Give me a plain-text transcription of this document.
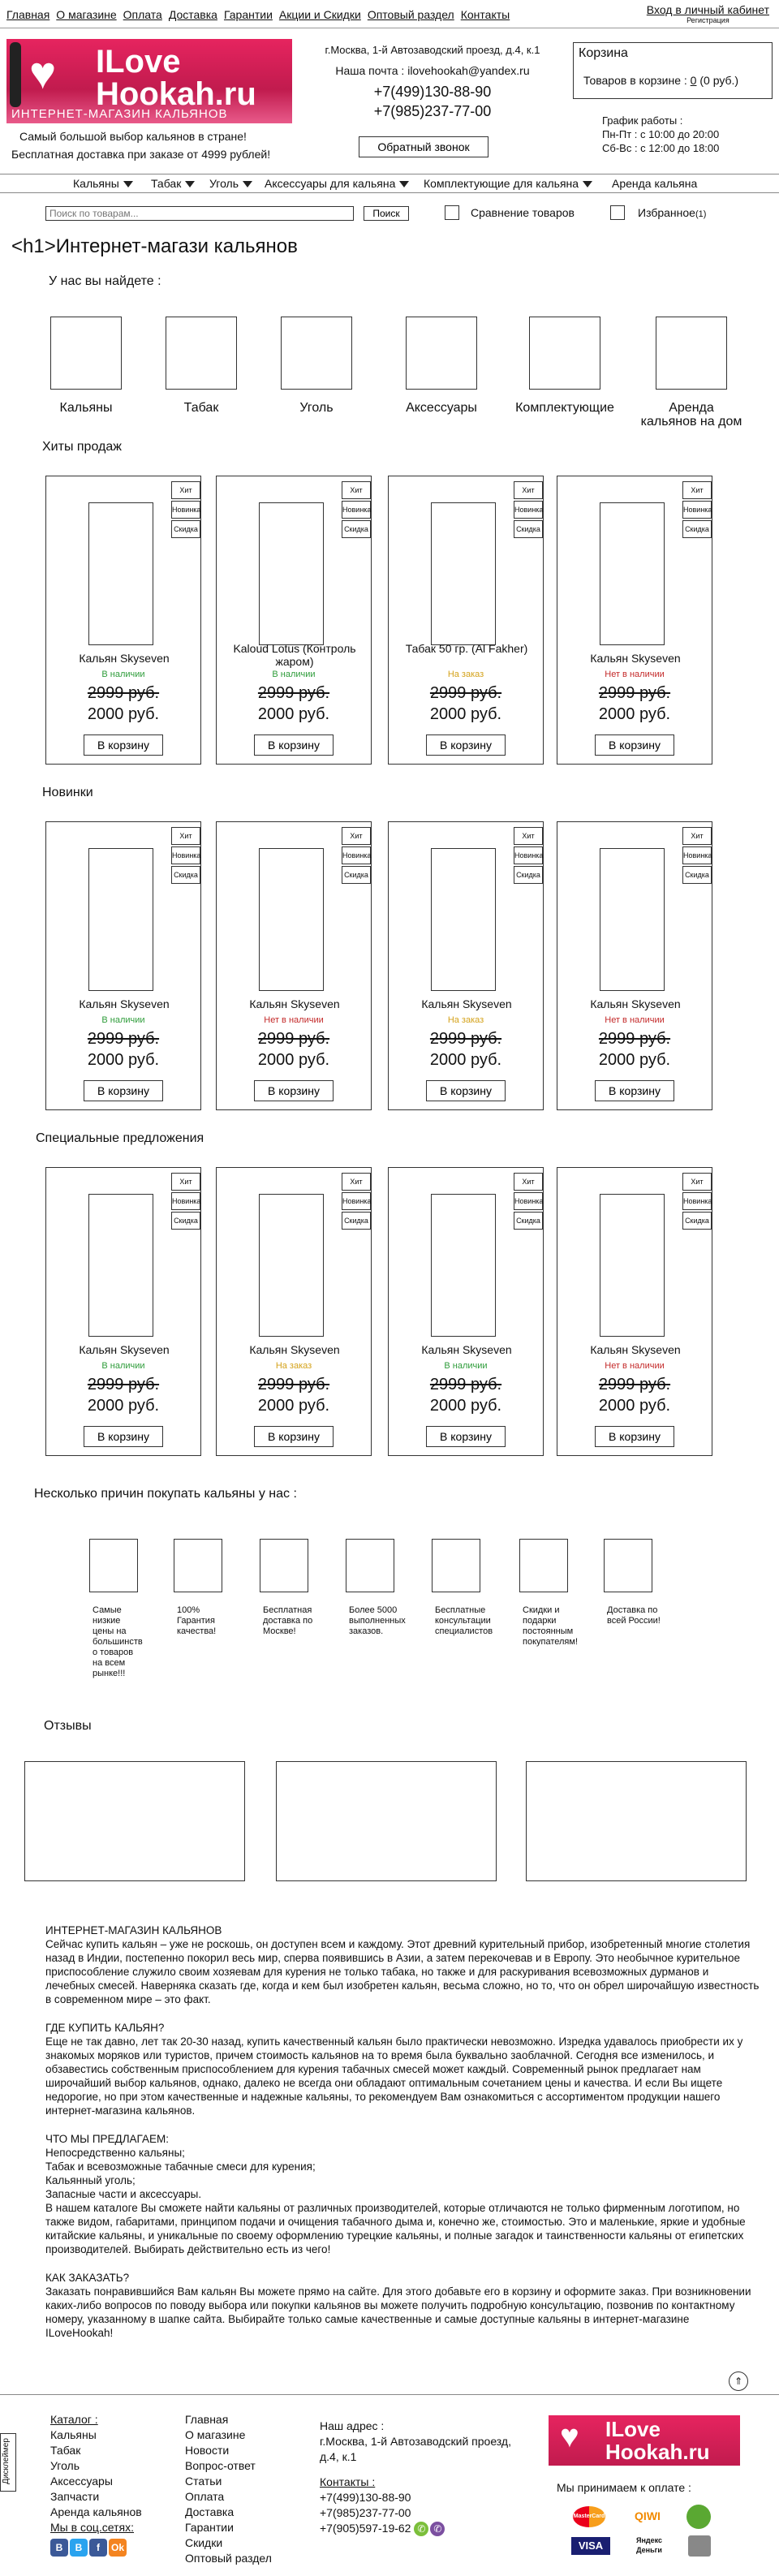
Главная О магазине Оплата Доставка Гарантии Акции и Скидки Оптовый раздел Контакты	Вход в личный кабинет
Регистрация
♥ ILove
Hookah.ru
ИНТЕРНЕТ-МАГАЗИН КАЛЬЯНОВ
Самый большой выбор кальянов в стране!
Бесплатная доставка при заказе от 4999 рублей!
г.Москва, 1-й Автозаводский проезд, д.4, к.1
Наша почта : ilovehookah@yandex.ru
+7(499)130-88-90
+7(985)237-77-00
Обратный звонок
Корзина
Товаров в корзине : 0 (0 руб.)
График работы :
Пн-Пт : с 10:00 до 20:00
Сб-Вс : с 12:00 до 18:00
Кальяны	Табак	Уголь	Аксессуары для кальяна	Комплектующие для кальяна	Аренда кальяна
Поиск по товарам...
Поиск	Сравнение товаров	Избранное(1)
<h1>Интернет-магази кальянов
У нас вы найдете :
Кальяны	Табак	Уголь	Аксессуары	Комплектующие	Аренда кальянов на дом
Хиты продаж
Хит
Новинка
Скидка
Кальян Skyseven
В наличии
2999 руб.
2000 руб.
В корзину
Хит
Новинка
Скидка
Kaloud Lotus (Контроль жаром)
В наличии
2999 руб.
2000 руб.
В корзину
Хит
Новинка
Скидка
Табак 50 гр. (Al Fakher)
На заказ
2999 руб.
2000 руб.
В корзину
Хит
Новинка
Скидка
Кальян Skyseven
Нет в наличии
2999 руб.
2000 руб.
В корзину
Новинки
Хит
Новинка
Скидка
Кальян Skyseven
В наличии
2999 руб.
2000 руб.
В корзину
Хит
Новинка
Скидка
Кальян Skyseven
Нет в наличии
2999 руб.
2000 руб.
В корзину
Хит
Новинка
Скидка
Кальян Skyseven
На заказ
2999 руб.
2000 руб.
В корзину
Хит
Новинка
Скидка
Кальян Skyseven
Нет в наличии
2999 руб.
2000 руб.
В корзину
Специальные предложения
Хит
Новинка
Скидка
Кальян Skyseven
В наличии
2999 руб.
2000 руб.
В корзину
Хит
Новинка
Скидка
Кальян Skyseven
На заказ
2999 руб.
2000 руб.
В корзину
Хит
Новинка
Скидка
Кальян Skyseven
В наличии
2999 руб.
2000 руб.
В корзину
Хит
Новинка
Скидка
Кальян Skyseven
Нет в наличии
2999 руб.
2000 руб.
В корзину
Несколько причин покупать кальяны у нас :
Самые низкие цены на большинств о товаров на всем рынке!!!
100% Гарантия качества!
Бесплатная доставка по Москве!
Более 5000 выполненных заказов.
Бесплатные консультации специалистов
Скидки и подарки постоянным покупателям!
Доставка по всей России!
Отзывы

ИНТЕРНЕТ-МАГАЗИН КАЛЬЯНОВ

Сейчас купить кальян – уже не роскошь, он доступен всем и каждому. Этот древний курительный прибор, изобретенный многие столетия назад в Индии, постепенно покорил весь мир, сперва появившись в Азии, а затем перекочевав и в Европу. Это необычное курительное приспособление служило своим хозяевам для курения не только табака, но также и для раскуривания всевозможных дурманов и лечебных смесей. Наверняка сказать где, когда и кем был изобретен кальян, весьма сложно, но то, что он обрел широчайшую известность в современном мире – это факт.

ГДЕ КУПИТЬ КАЛЬЯН?

Еще не так давно, лет так 20-30 назад, купить качественный кальян было практически невозможно. Изредка удавалось приобрести их у знакомых моряков или туристов, причем стоимость кальянов на то время была буквально заоблачной. Сегодня все изменилось, и обзавестись собственным приспособлением для курения табачных смесей может каждый. Современный рынок предлагает нам широчайший выбор кальянов, однако, далеко не всегда они обладают оптимальным сочетанием цены и качества. И если Вы ищете недорогие, но при этом качественные и надежные кальяны, то рекомендуем Вам ознакомиться с ассортиментом продукции нашего интернет-магазина кальянов.

ЧТО МЫ ПРЕДЛАГАЕМ:

Непосредственно кальяны;

Табак и всевозможные табачные смеси для курения;

Кальянный уголь;

Запасные части и аксессуары.

В нашем каталоге Вы сможете найти кальяны от различных производителей, которые отличаются не только фирменным логотипом, но также видом, габаритами, принципом подачи и очищения табачного дыма и, конечно же, стоимостью. Это и маленькие, яркие и удобные китайские кальяны, и уникальные по своему оформлению турецкие кальяны, и полные загадок и таинственности кальяны от египетских производителей. Выбирать действительно есть из чего!

КАК ЗАКАЗАТЬ?

Заказать понравившийся Вам кальян Вы можете прямо на сайте. Для этого добавьте его в корзину и оформите заказ. При возникновении каких-либо вопросов по поводу выбора или покупки кальянов вы можете получить подробную консультацию, позвонив по контактному номеру, указанному в шапке сайта. Выбирайте только самые качественные и самые доступные кальяны в интернет-магазине ILoveHookah!

⇑
Дисклеймер
Каталог :
Кальяны
Табак
Уголь
Аксессуары
Запчасти
Аренда кальянов
Мы в соц.сетях:
B В f Ok
Главная
О магазине
Новости
Вопрос-ответ
Статьи
Оплата
Доставка
Гарантии
Скидки
Оптовый раздел
Наш адрес :
г.Москва, 1-й Автозаводский проезд, д.4, к.1
Контакты :
+7(499)130-88-90
+7(985)237-77-00
+7(905)597-19-62 ✆ ✆
♥ ILove
Hookah.ru
Мы принимаем к оплате :
MasterCard	QIWI
VISA	Яндекс Деньги
